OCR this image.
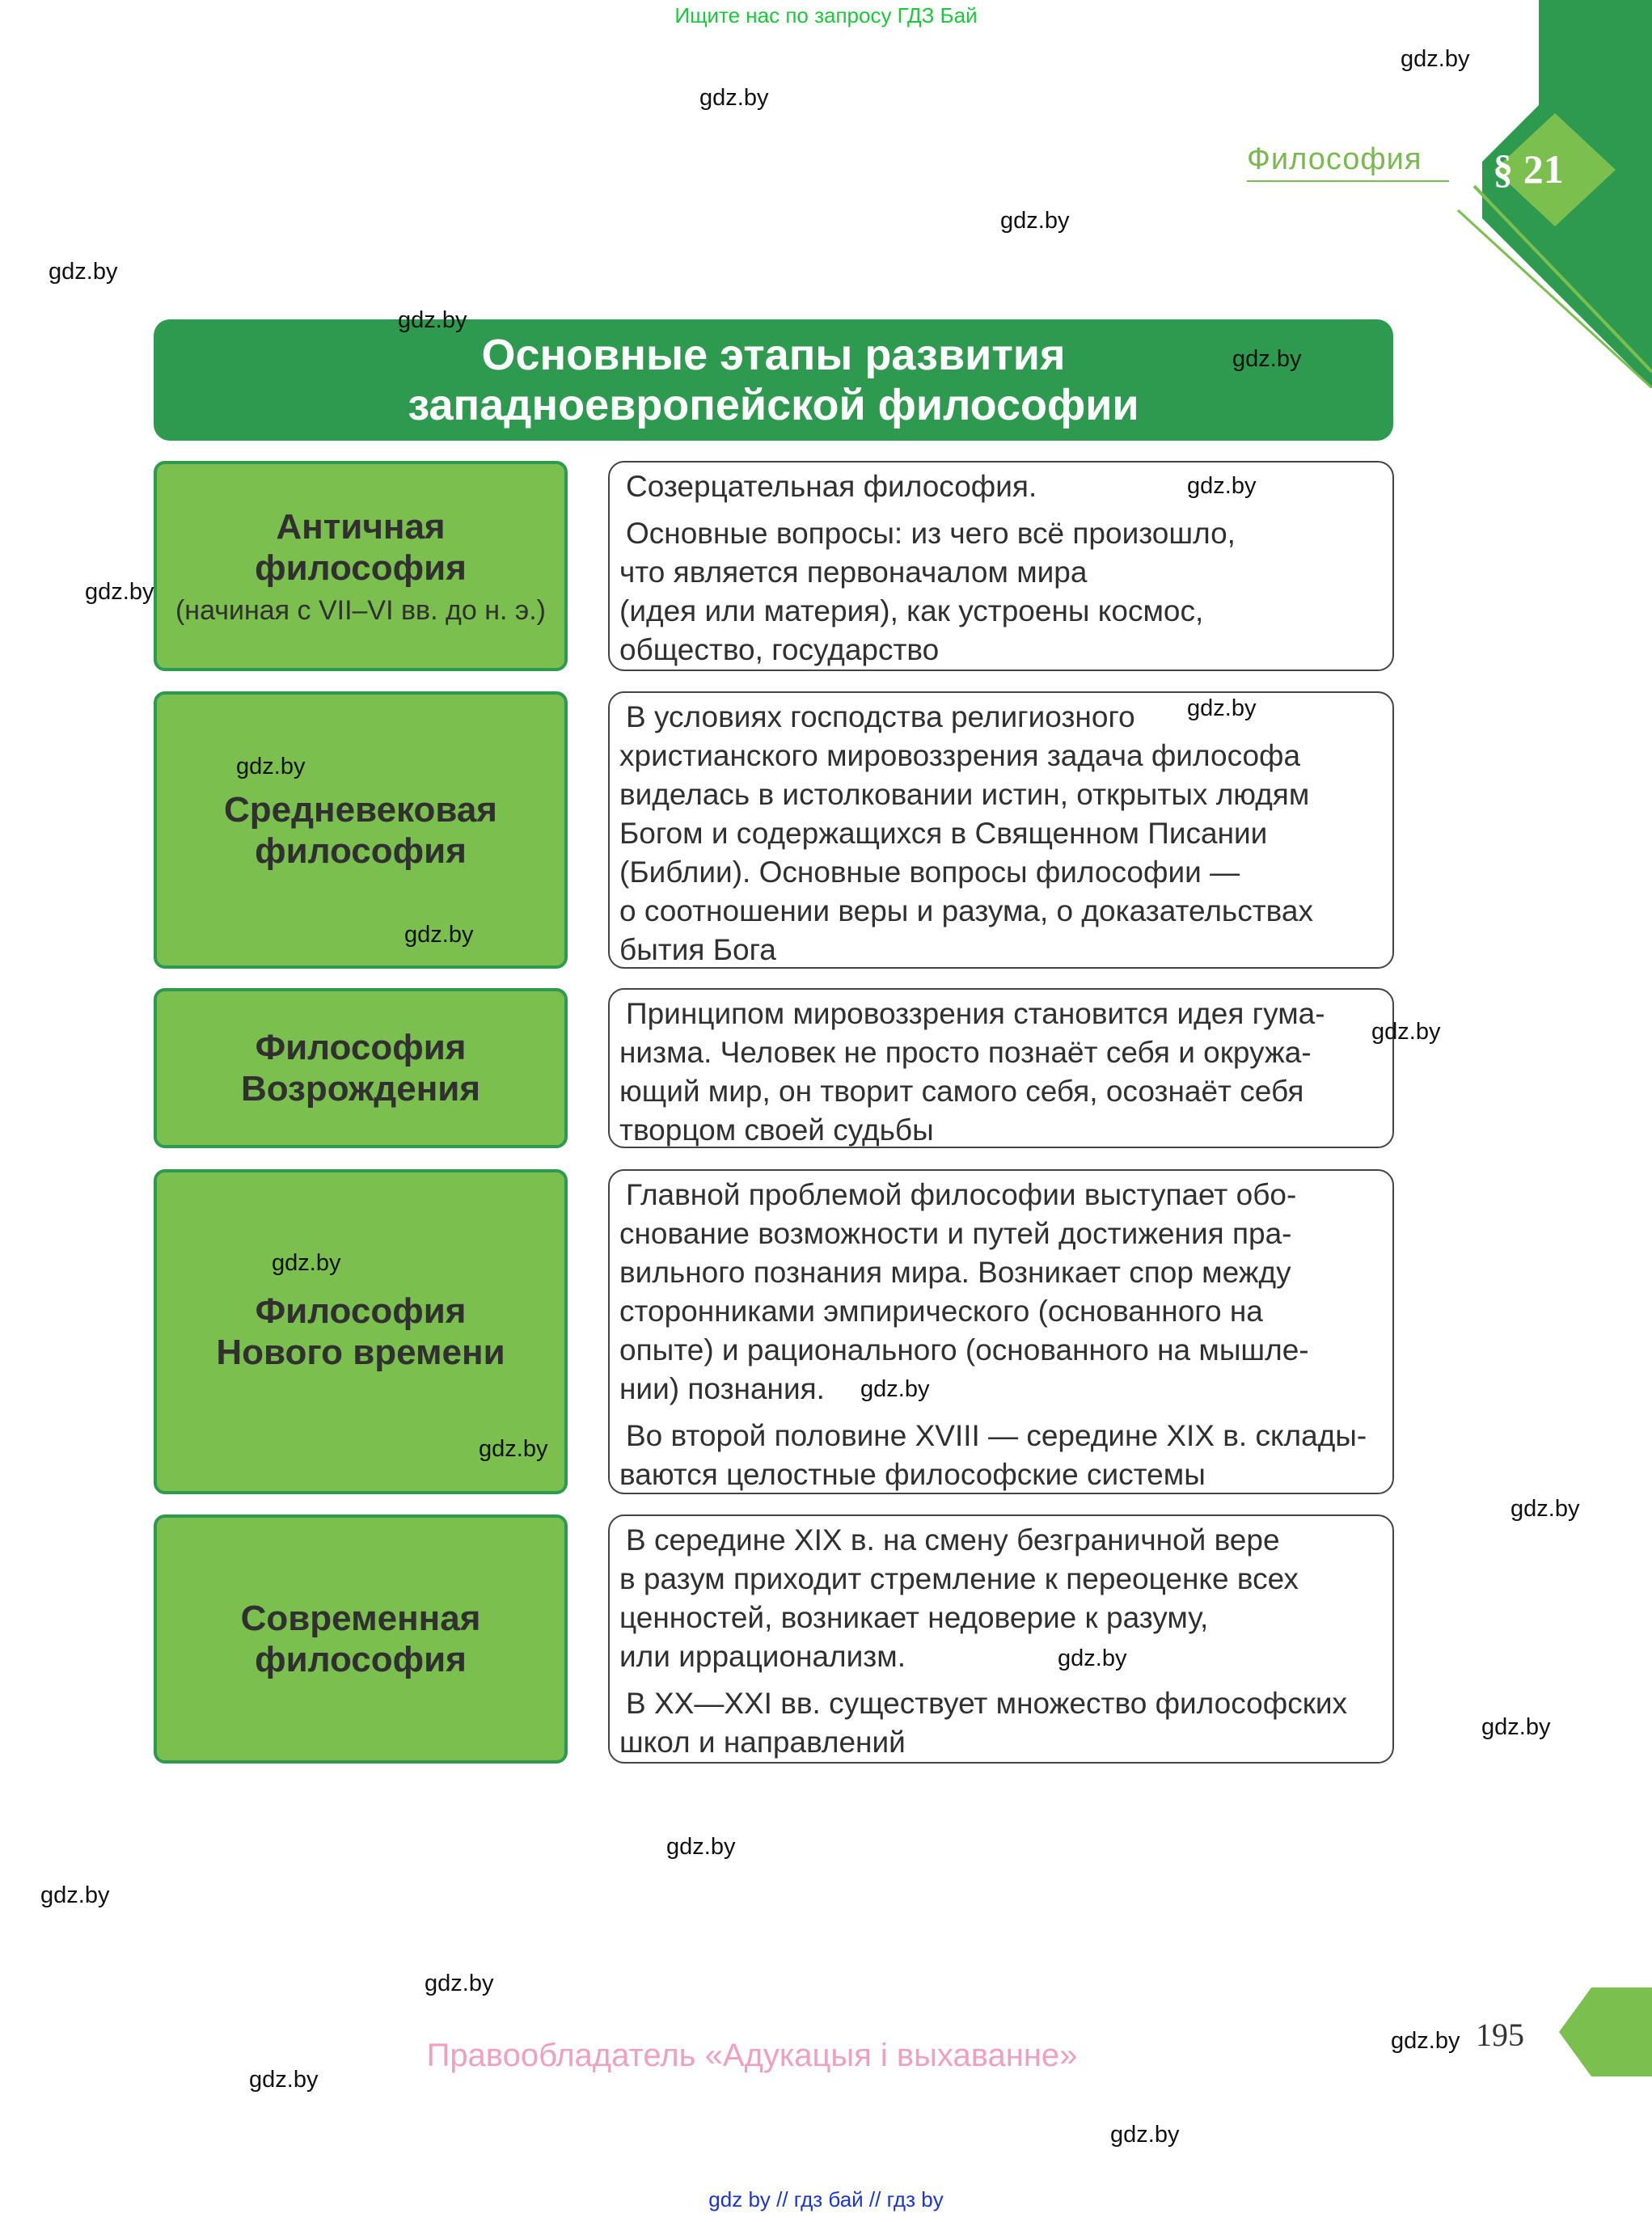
Ищите нас по запросу ГДЗ Бай
Философия § 21
Основные этапы развития
западноевропейской философии
Античная
философия
(начиная с VII–VI вв. до н. э.)

Созерцательная философия.

Основные вопросы: из чего всё произошло,
что является первоначалом мира
(идея или материя), как устроены космос,
общество, государство

Средневековая
философия

В условиях господства религиозного
христианского мировоззрения задача философа
виделась в истолковании истин, открытых людям
Богом и содержащихся в Священном Писании
(Библии). Основные вопросы философии —
о соотношении веры и разума, о доказательствах
бытия Бога

Философия
Возрождения

Принципом мировоззрения становится идея гума-
низма. Человек не просто познаёт себя и окружа-
ющий мир, он творит самого себя, осознаёт себя
творцом своей судьбы

Философия
Нового времени

Главной проблемой философии выступает обо-
снование возможности и путей достижения пра-
вильного познания мира. Возникает спор между
сторонниками эмпирического (основанного на
опыте) и рационального (основанного на мышле-
нии) познания.

Во второй половине XVIII — середине XIX в. склады-
ваются целостные философские системы

Современная
философия

В середине XIX в. на смену безграничной вере
в разум приходит стремление к переоценке всех
ценностей, возникает недоверие к разуму,
или иррационализм.

В XX—XXI вв. существует множество философских
школ и направлений

gdz.by
gdz.by
gdz.by
gdz.by
gdz.by
gdz.by
gdz.by
gdz.by
gdz.by
gdz.by
gdz.by
gdz.by
gdz.by
gdz.by
gdz.by
gdz.by
gdz.by
gdz.by
gdz.by
gdz.by
gdz.by
gdz.by
gdz.by
gdz.by
195
Правообладатель «Адукацыя і выхаванне»
gdz by // гдз бай // гдз by
